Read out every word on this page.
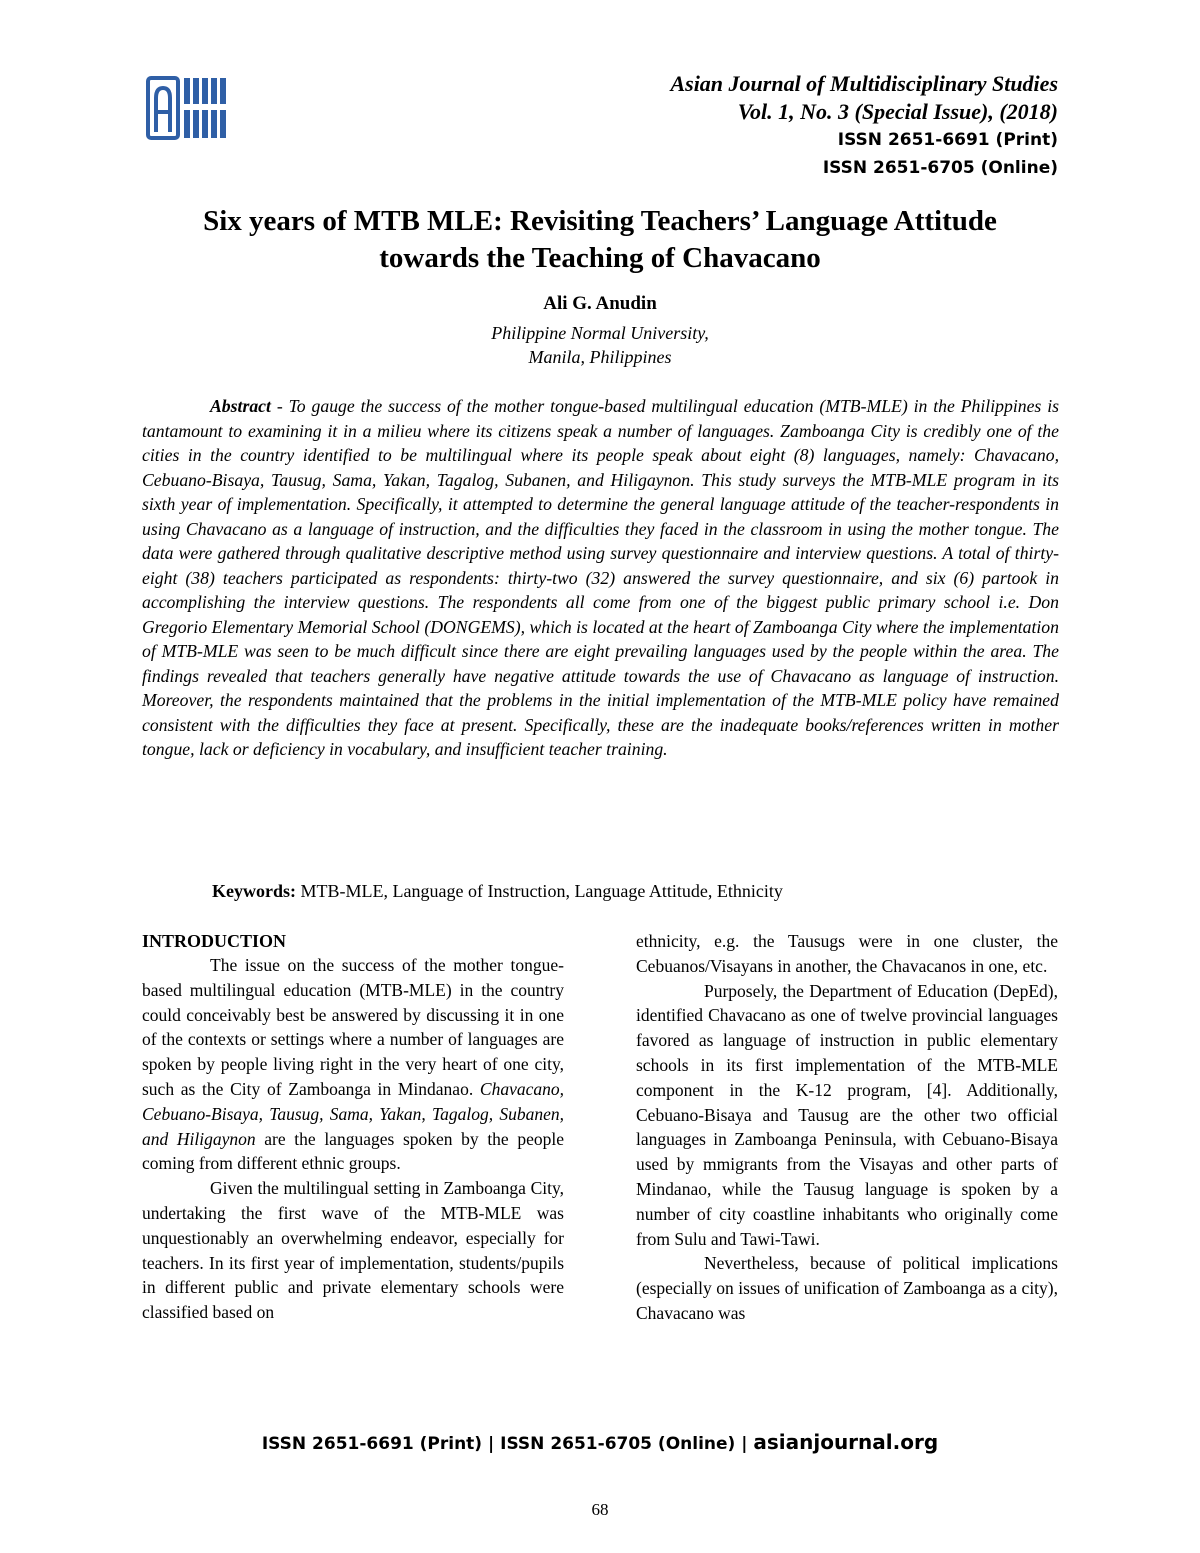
Asian Journal of Multidisciplinary Studies
Vol. 1, No. 3 (Special Issue), (2018)
ISSN 2651-6691 (Print)
ISSN 2651-6705 (Online)
Six years of MTB MLE: Revisiting Teachers’ Language Attitude
towards the Teaching of Chavacano
Ali G. Anudin
Philippine Normal University,
Manila, Philippines
Abstract - To gauge the success of the mother tongue-based multilingual education (MTB-MLE) in the Philippines is tantamount to examining it in a milieu where its citizens speak a number of languages. Zamboanga City is credibly one of the cities in the country identified to be multilingual where its people speak about eight (8) languages, namely: Chavacano, Cebuano-Bisaya, Tausug, Sama, Yakan, Tagalog, Subanen, and Hiligaynon. This study surveys the MTB-MLE program in its sixth year of implementation. Specifically, it attempted to determine the general language attitude of the teacher-respondents in using Chavacano as a language of instruction, and the difficulties they faced in the classroom in using the mother tongue. The data were gathered through qualitative descriptive method using survey questionnaire and interview questions. A total of thirty-eight (38) teachers participated as respondents: thirty-two (32) answered the survey questionnaire, and six (6) partook in accomplishing the interview questions. The respondents all come from one of the biggest public primary school i.e. Don Gregorio Elementary Memorial School (DONGEMS), which is located at the heart of Zamboanga City where the implementation of MTB-MLE was seen to be much difficult since there are eight prevailing languages used by the people within the area. The findings revealed that teachers generally have negative attitude towards the use of Chavacano as language of instruction. Moreover, the respondents maintained that the problems in the initial implementation of the MTB-MLE policy have remained consistent with the difficulties they face at present. Specifically, these are the inadequate books/references written in mother tongue, lack or deficiency in vocabulary, and insufficient teacher training.
Keywords: MTB-MLE, Language of Instruction, Language Attitude, Ethnicity
INTRODUCTION

The issue on the success of the mother tongue-based multilingual education (MTB-MLE) in the country could conceivably best be answered by discussing it in one of the contexts or settings where a number of languages are spoken by people living right in the very heart of one city, such as the City of Zamboanga in Mindanao. Chavacano, Cebuano-Bisaya, Tausug, Sama, Yakan, Tagalog, Subanen, and Hiligaynon are the languages spoken by the people coming from different ethnic groups.

Given the multilingual setting in Zamboanga City, undertaking the first wave of the MTB-MLE was unquestionably an overwhelming endeavor, especially for teachers. In its first year of implementation, students/pupils in different public and private elementary schools were classified based on

ethnicity, e.g. the Tausugs were in one cluster, the Cebuanos/Visayans in another, the Chavacanos in one, etc.

Purposely, the Department of Education (DepEd), identified Chavacano as one of twelve provincial languages favored as language of instruction in public elementary schools in its first implementation of the MTB-MLE component in the K-12 program, [4]. Additionally, Cebuano-Bisaya and Tausug are the other two official languages in Zamboanga Peninsula, with Cebuano-Bisaya used by mmigrants from the Visayas and other parts of Mindanao, while the Tausug language is spoken by a number of city coastline inhabitants who originally come from Sulu and Tawi-Tawi.

Nevertheless, because of political implications (especially on issues of unification of Zamboanga as a city), Chavacano was

ISSN 2651-6691 (Print) | ISSN 2651-6705 (Online) | asianjournal.org
68
